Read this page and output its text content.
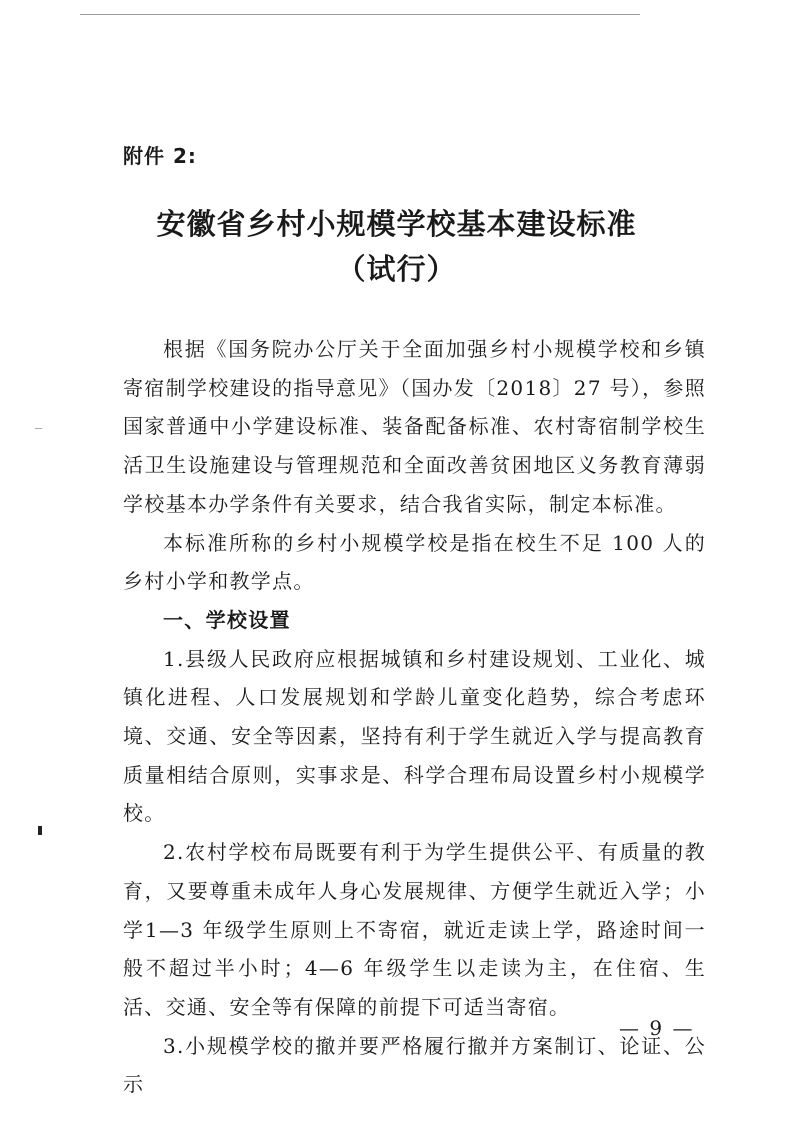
附件 2:
安徽省乡村小规模学校基本建设标准
（试行）

根据《国务院办公厅关于全面加强乡村小规模学校和乡镇寄宿制学校建设的指导意见》（国办发〔2018〕27 号），参照国家普通中小学建设标准、装备配备标准、农村寄宿制学校生活卫生设施建设与管理规范和全面改善贫困地区义务教育薄弱学校基本办学条件有关要求，结合我省实际，制定本标准。

本标准所称的乡村小规模学校是指在校生不足 100 人的乡村小学和教学点。

一、学校设置

1.县级人民政府应根据城镇和乡村建设规划、工业化、城镇化进程、人口发展规划和学龄儿童变化趋势，综合考虑环境、交通、安全等因素，坚持有利于学生就近入学与提高教育质量相结合原则，实事求是、科学合理布局设置乡村小规模学校。

2.农村学校布局既要有利于为学生提供公平、有质量的教育，又要尊重未成年人身心发展规律、方便学生就近入学；小学1—3 年级学生原则上不寄宿，就近走读上学，路途时间一般不超过半小时；4—6 年级学生以走读为主，在住宿、生活、交通、安全等有保障的前提下可适当寄宿。

3.小规模学校的撤并要严格履行撤并方案制订、论证、公示

— 9 —
